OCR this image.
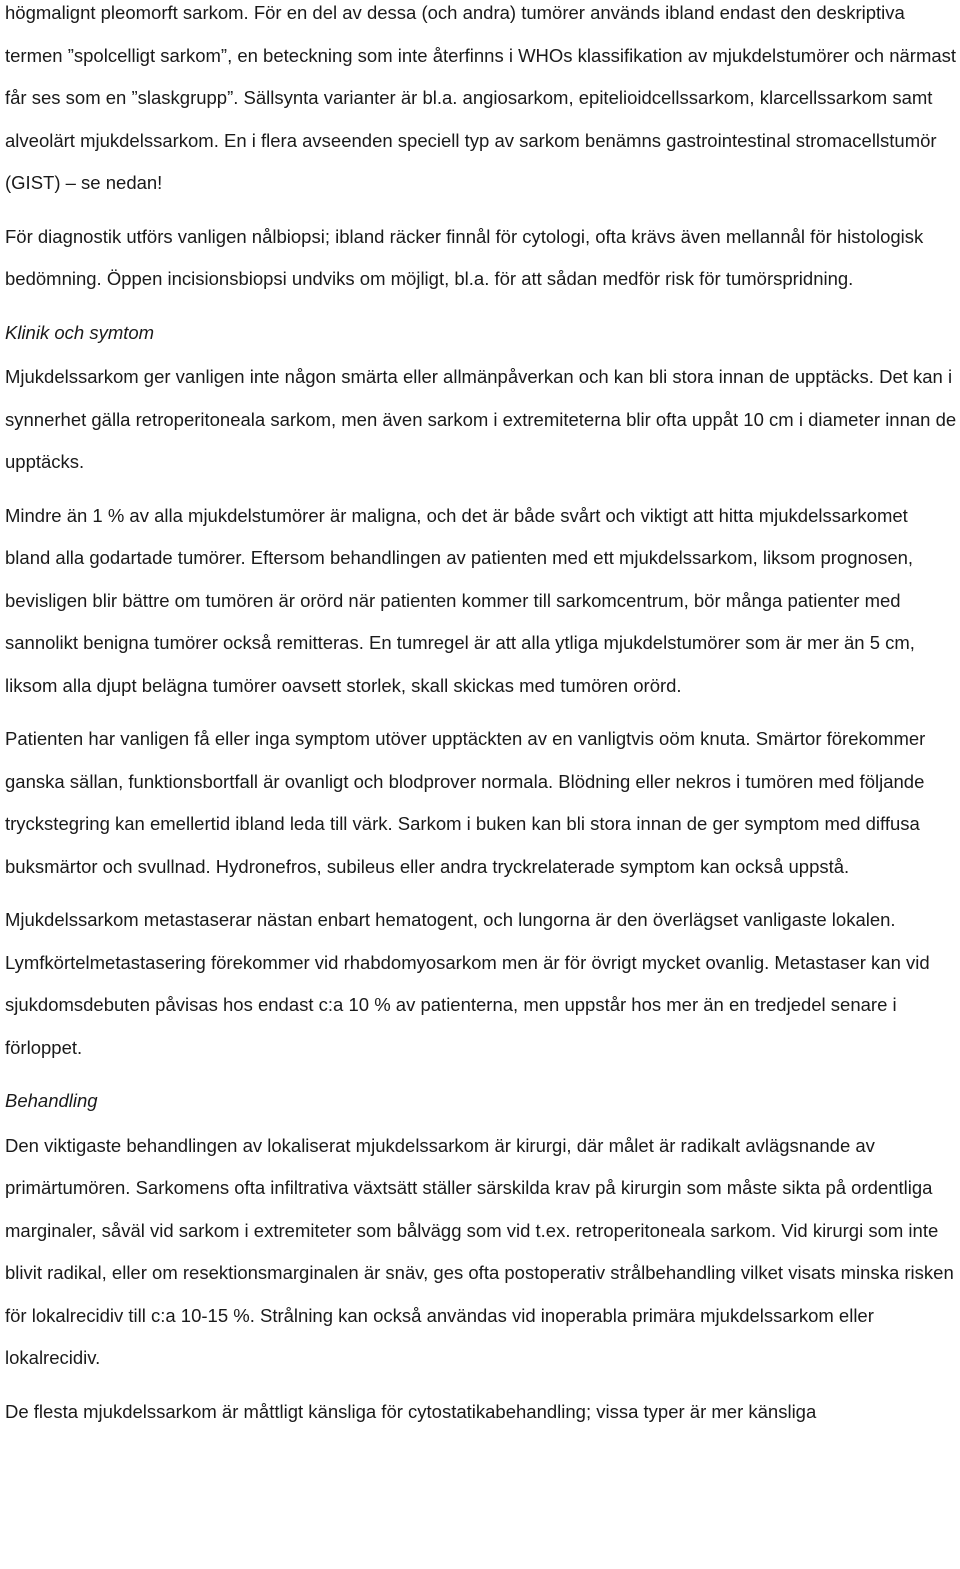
högmalignt pleomorft sarkom. För en del av dessa (och andra) tumörer används ibland endast den deskriptiva termen ”spolcelligt sarkom”, en beteckning som inte återfinns i WHOs klassifikation av mjukdelstumörer och närmast får ses som en ”slaskgrupp”. Sällsynta varianter är bl.a. angiosarkom, epitelioidcellssarkom, klarcellssarkom samt alveolärt mjukdelssarkom. En i flera avseenden speciell typ av sarkom benämns gastrointestinal stromacellstumör (GIST) – se nedan!

För diagnostik utförs vanligen nålbiopsi; ibland räcker finnål för cytologi, ofta krävs även mellannål för histologisk bedömning. Öppen incisionsbiopsi undviks om möjligt, bl.a. för att sådan medför risk för tumörspridning.

Klinik och symtom

Mjukdelssarkom ger vanligen inte någon smärta eller allmänpåverkan och kan bli stora innan de upptäcks. Det kan i synnerhet gälla retroperitoneala sarkom, men även sarkom i extremiteterna blir ofta uppåt 10 cm i diameter innan de upptäcks.

Mindre än 1 % av alla mjukdelstumörer är maligna, och det är både svårt och viktigt att hitta mjukdelssarkomet bland alla godartade tumörer. Eftersom behandlingen av patienten med ett mjukdelssarkom, liksom prognosen, bevisligen blir bättre om tumören är orörd när patienten kommer till sarkomcentrum, bör många patienter med sannolikt benigna tumörer också remitteras. En tumregel är att alla ytliga mjukdelstumörer som är mer än 5 cm, liksom alla djupt belägna tumörer oavsett storlek, skall skickas med tumören orörd.

Patienten har vanligen få eller inga symptom utöver upptäckten av en vanligtvis oöm knuta. Smärtor förekommer ganska sällan, funktionsbortfall är ovanligt och blodprover normala. Blödning eller nekros i tumören med följande tryckstegring kan emellertid ibland leda till värk. Sarkom i buken kan bli stora innan de ger symptom med diffusa buksmärtor och svullnad. Hydronefros, subileus eller andra tryckrelaterade symptom kan också uppstå.

Mjukdelssarkom metastaserar nästan enbart hematogent, och lungorna är den överlägset vanligaste lokalen. Lymfkörtelmetastasering förekommer vid rhabdomyosarkom men är för övrigt mycket ovanlig. Metastaser kan vid sjukdomsdebuten påvisas hos endast c:a 10 % av patienterna, men uppstår hos mer än en tredjedel senare i förloppet.

Behandling

Den viktigaste behandlingen av lokaliserat mjukdelssarkom är kirurgi, där målet är radikalt avlägsnande av primärtumören. Sarkomens ofta infiltrativa växtsätt ställer särskilda krav på kirurgin som måste sikta på ordentliga marginaler, såväl vid sarkom i extremiteter som bålvägg som vid t.ex. retroperitoneala sarkom. Vid kirurgi som inte blivit radikal, eller om resektionsmarginalen är snäv, ges ofta postoperativ strålbehandling vilket visats minska risken för lokalrecidiv till c:a 10-15 %. Strålning kan också användas vid inoperabla primära mjukdelssarkom eller lokalrecidiv.

De flesta mjukdelssarkom är måttligt känsliga för cytostatikabehandling; vissa typer är mer känsliga
